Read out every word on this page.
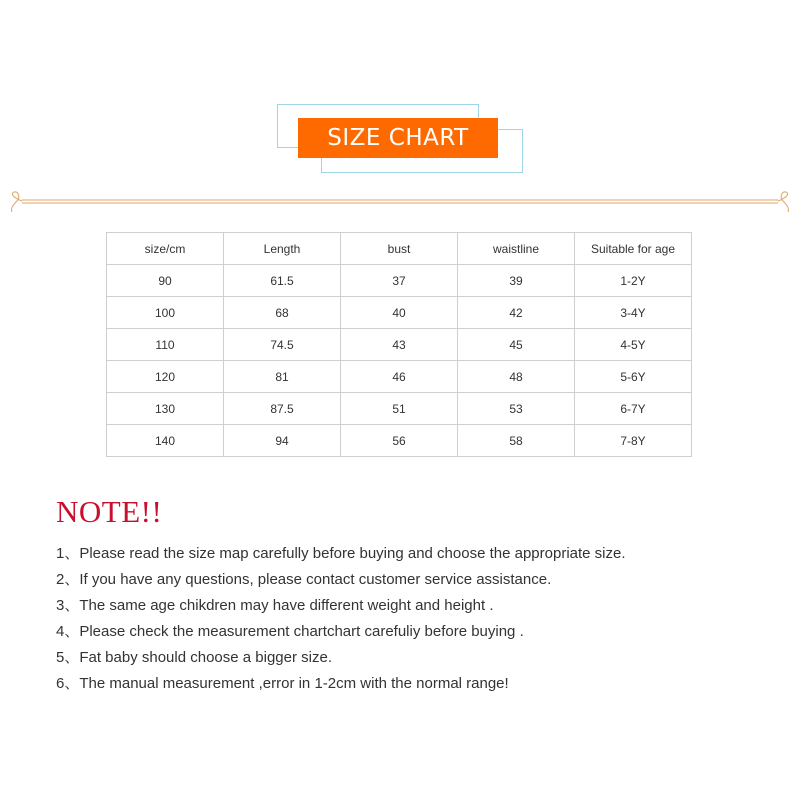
SIZE CHART
size/cm	Length	bust	waistline	Suitable for age
90	61.5	37	39	1-2Y
100	68	40	42	3-4Y
110	74.5	43	45	4-5Y
120	81	46	48	5-6Y
130	87.5	51	53	6-7Y
140	94	56	58	7-8Y
NOTE!!
1、Please read the size map carefully before buying and choose the appropriate size.
2、If you have any questions, please contact customer service assistance.
3、The same age chikdren may have different weight and height .
4、Please check the measurement chartchart carefuliy before buying .
5、Fat baby should choose a bigger size.
6、The manual measurement ,error in 1-2cm with the normal range!
